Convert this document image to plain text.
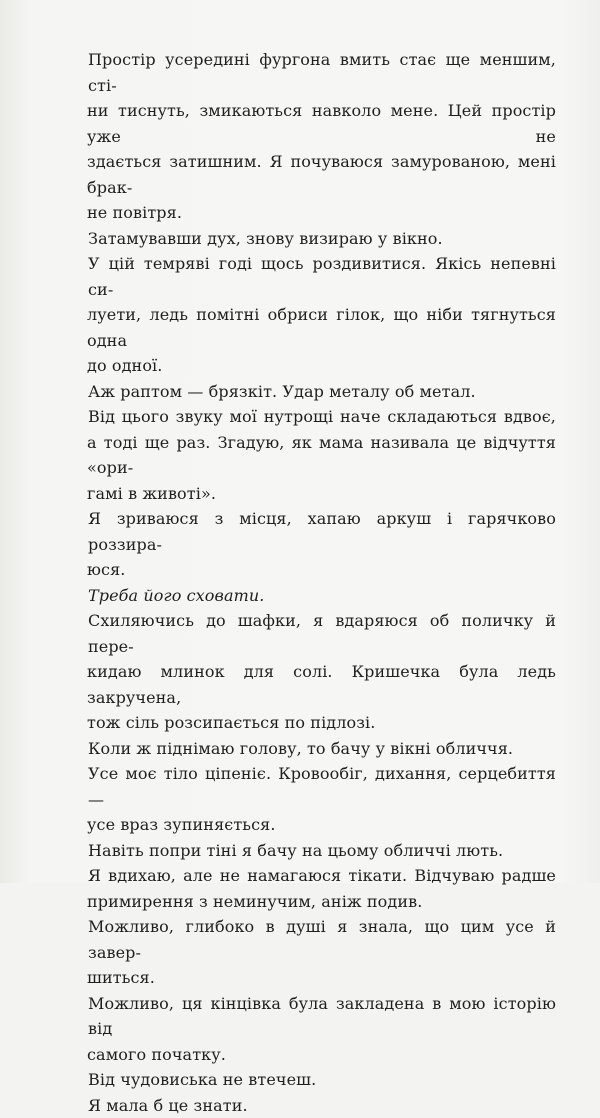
Простір усередині фургона вмить стає ще меншим, сті-
ни тиснуть, змикаються навколо мене. Цей простір уже не
здається затишним. Я почуваюся замурованою, мені брак-
не повітря.
Затамувавши дух, знову визираю у вікно.
У цій темряві годі щось роздивитися. Якісь непевні си-
луети, ледь помітні обриси гілок, що ніби тягнуться одна
до одної.
Аж раптом — брязкіт. Удар металу об метал.
Від цього звуку мої нутрощі наче складаються вдвоє,
а тоді ще раз. Згадую, як мама називала це відчуття «ори-
гамі в животі».
Я зриваюся з місця, хапаю аркуш і гарячково роззира-
юся.
Треба його сховати.
Схиляючись до шафки, я вдаряюся об поличку й пере-
кидаю млинок для солі. Кришечка була ледь закручена,
тож сіль розсипається по підлозі.
Коли ж піднімаю голову, то бачу у вікні обличчя.
Усе моє тіло ціпеніє. Кровообіг, дихання, серцебиття —
усе враз зупиняється.
Навіть попри тіні я бачу на цьому обличчі лють.
Я вдихаю, але не намагаюся тікати. Відчуваю радше
примирення з неминучим, аніж подив.
Можливо, глибоко в душі я знала, що цим усе й завер-
шиться.
Можливо, ця кінцівка була закладена в мою історію від
самого початку.
Від чудовиська не втечеш.
Я мала б це знати.
